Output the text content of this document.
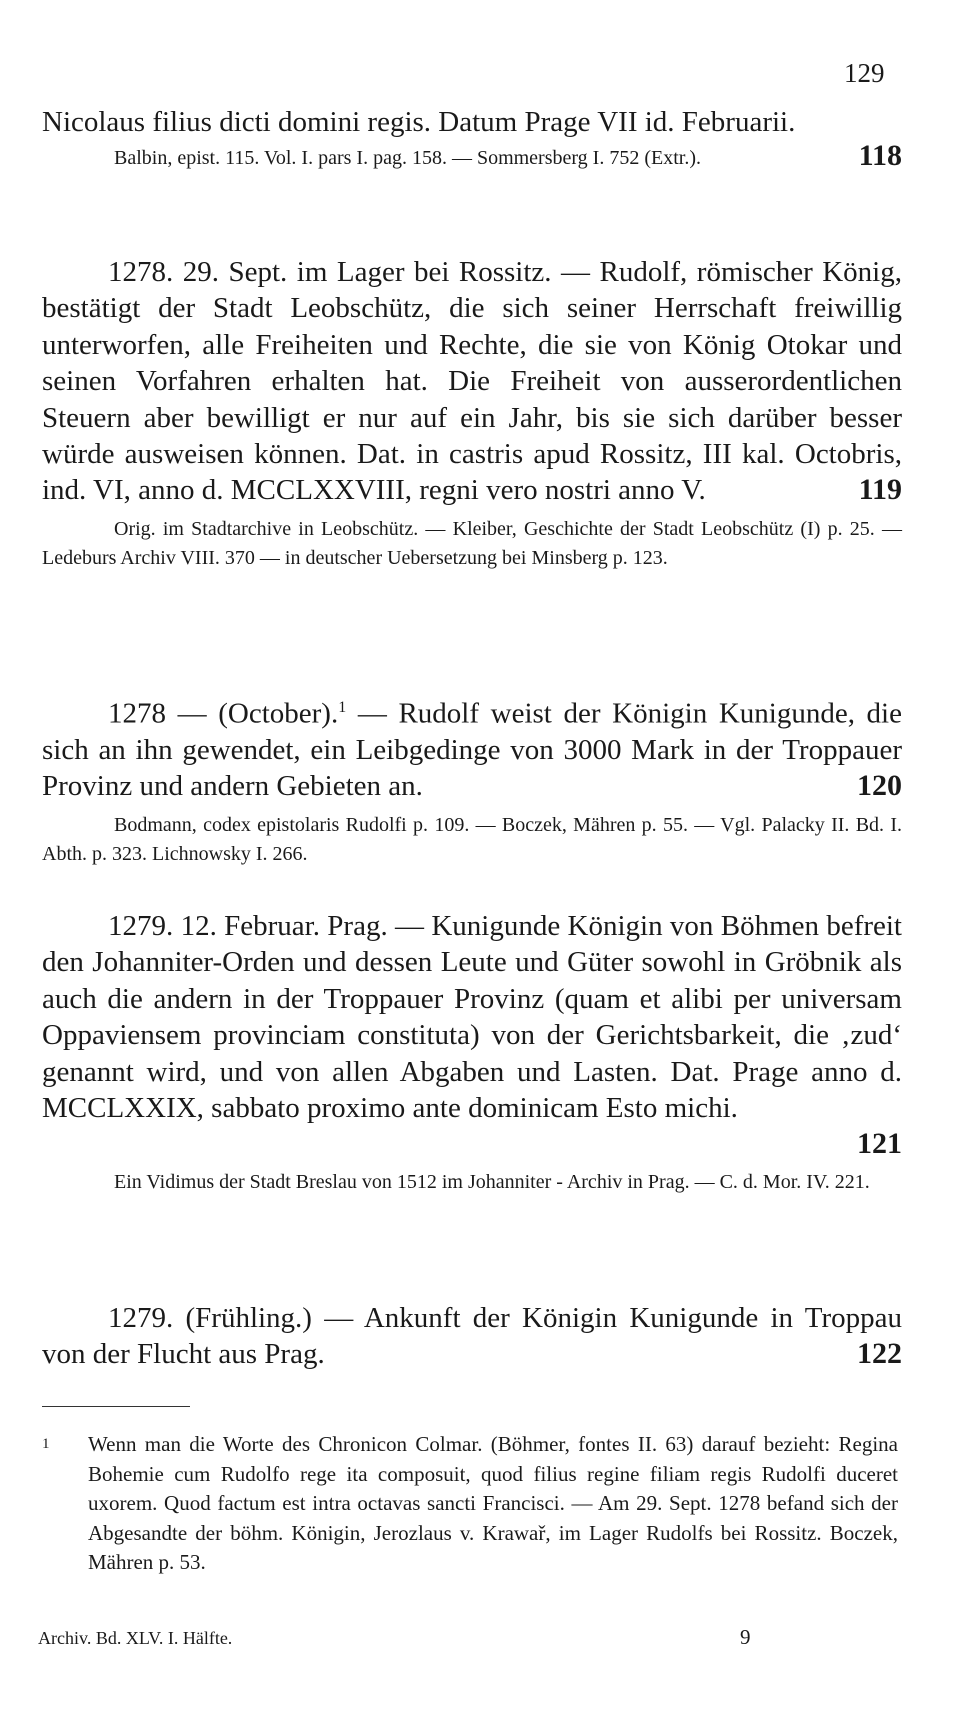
129

118
Nicolaus filius dicti domini regis. Datum Prage VII id. Februarii.

Balbin, epist. 115. Vol. I. pars I. pag. 158. — Sommersberg I. 752 (Extr.).

1278. 29. Sept. im Lager bei Rossitz. — Rudolf, römischer König, bestätigt der Stadt Leobschütz, die sich seiner Herrschaft freiwillig unterworfen, alle Freiheiten und Rechte, die sie von König Otokar und seinen Vorfahren erhalten hat. Die Freiheit von ausserordentlichen Steuern aber bewilligt er nur auf ein Jahr, bis sie sich darüber besser würde ausweisen können. Dat. in castris apud Rossitz, III kal. Octobris, ind. VI, anno d. MCCLXXVIII, regni vero nostri anno V.	119

Orig. im Stadtarchive in Leobschütz. — Kleiber, Geschichte der Stadt Leobschütz (I) p. 25. — Ledeburs Archiv VIII. 370 — in deutscher Uebersetzung bei Minsberg p. 123.

1278 — (October).$^1$ — Rudolf weist der Königin Kunigunde, die sich an ihn gewendet, ein Leibgedinge von 3000 Mark in der Troppauer Provinz und andern Gebieten an.	120

Bodmann, codex epistolaris Rudolfi p. 109. — Boczek, Mähren p. 55. — Vgl. Palacky II. Bd. I. Abth. p. 323. Lichnowsky I. 266.

1279. 12. Februar. Prag. — Kunigunde Königin von Böhmen befreit den Johanniter-Orden und dessen Leute und Güter sowohl in Gröbnik als auch die andern in der Troppauer Provinz (quam et alibi per universam Oppaviensem provinciam constituta) von der Gerichtsbarkeit, die ‚zud‘ genannt wird, und von allen Abgaben und Lasten. Dat. Prage anno d. MCCLXXIX, sabbato proximo ante dominicam Esto michi.

121

Ein Vidimus der Stadt Breslau von 1512 im Johanniter - Archiv in Prag. — C. d. Mor. IV. 221.

1279. (Frühling.) — Ankunft der Königin Kunigunde in Troppau von der Flucht aus Prag.	122

1 Wenn man die Worte des Chronicon Colmar. (Böhmer, fontes II. 63) darauf bezieht: Regina Bohemie cum Rudolfo rege ita composuit, quod filius regine filiam regis Rudolfi duceret uxorem. Quod factum est intra octavas sancti Francisci. — Am 29. Sept. 1278 befand sich der Abgesandte der böhm. Königin, Jerozlaus v. Krawař, im Lager Rudolfs bei Rossitz. Boczek, Mähren p. 53.
Archiv. Bd. XLV. I. Hälfte.	9
